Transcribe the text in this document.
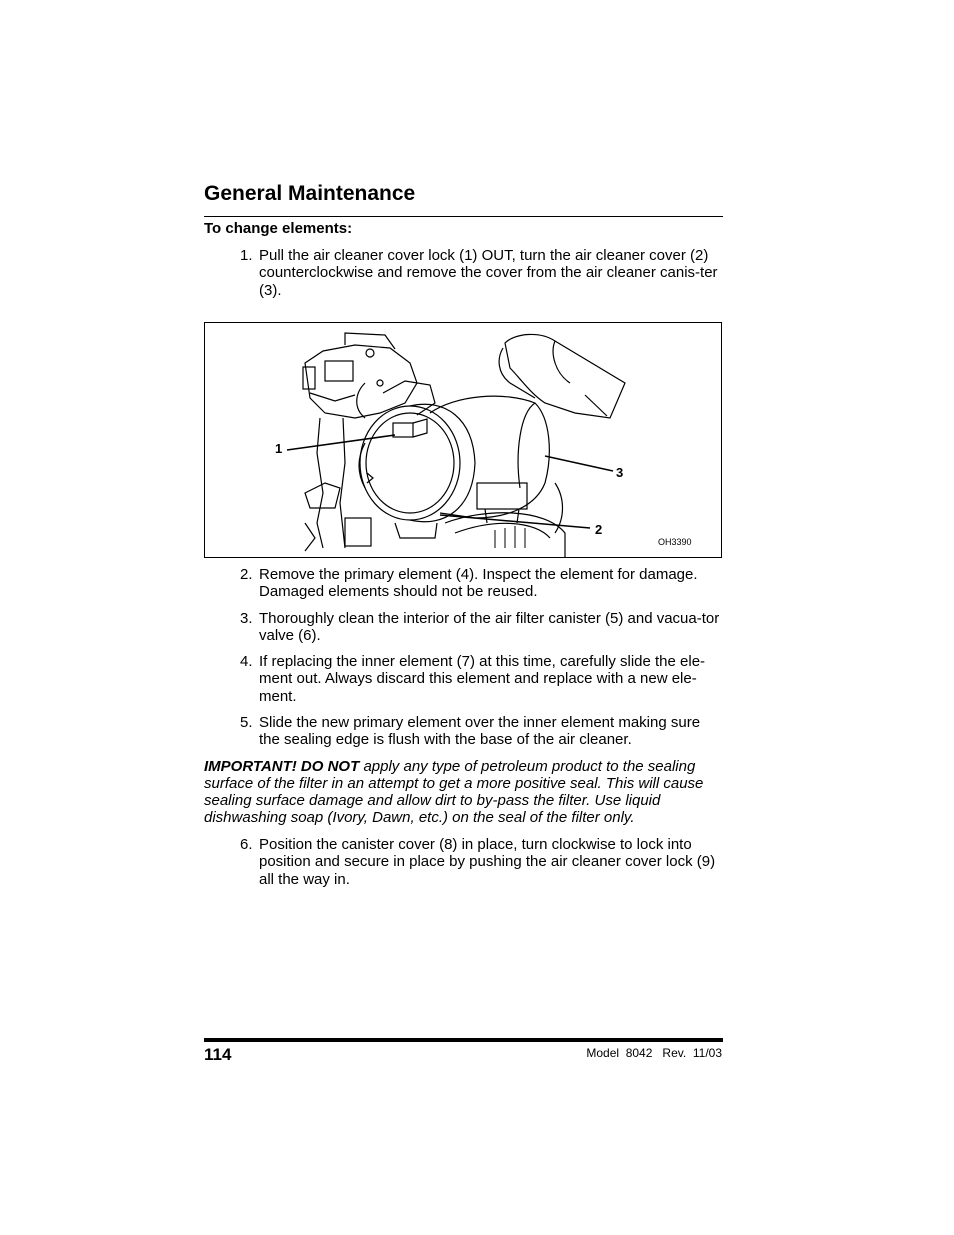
General Maintenance
To change elements:
1. Pull the air cleaner cover lock (1) OUT, turn the air cleaner cover (2) counterclockwise and remove the cover from the air cleaner canis-ter (3).
1
3
2
OH3390
2. Remove the primary element (4). Inspect the element for damage. Damaged elements should not be reused.
3. Thoroughly clean the interior of the air filter canister (5) and vacua-tor valve (6).
4. If replacing the inner element (7) at this time, carefully slide the ele-ment out. Always discard this element and replace with a new ele-ment.
5. Slide the new primary element over the inner element making sure the sealing edge is flush with the base of the air cleaner.
IMPORTANT! DO NOT apply any type of petroleum product to the sealing surface of the filter in an attempt to get a more positive seal. This will cause sealing surface damage and allow dirt to by-pass the filter. Use liquid dishwashing soap (Ivory, Dawn, etc.) on the seal of the filter only.
6. Position the canister cover (8) in place, turn clockwise to lock into position and secure in place by pushing the air cleaner cover lock (9) all the way in.
114	Model  8042   Rev.  11/03
